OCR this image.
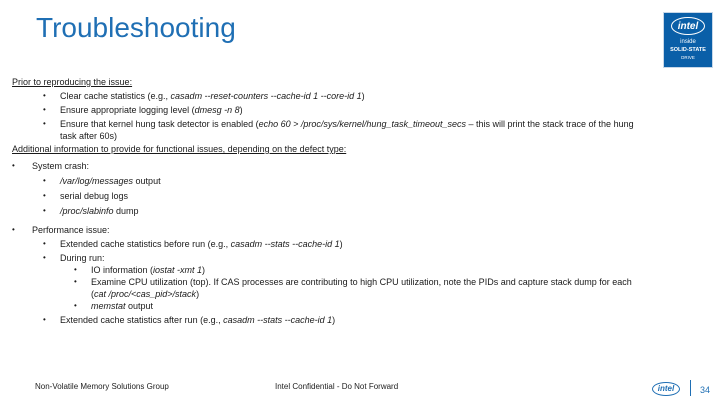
Troubleshooting	intel
inside
SOLID-STATE
DRIVE
Prior to reproducing the issue:
• Clear cache statistics (e.g., casadm --reset-counters --cache-id 1 --core-id 1)
• Ensure appropriate logging level (dmesg -n 8)
• Ensure that kernel hung task detector is enabled (echo 60 > /proc/sys/kernel/hung_task_timeout_secs – this will print the stack trace of the hung
task after 60s)
Additional information to provide for functional issues, depending on the defect type:
• System crash:
• /var/log/messages output
• serial debug logs
• /proc/slabinfo dump
• Performance issue:
• Extended cache statistics before run (e.g., casadm --stats --cache-id 1)
• During run:
• IO information (iostat -xmt 1)
• Examine CPU utilization (top). If CAS processes are contributing to high CPU utilization, note the PIDs and capture stack dump for each
(cat /proc/<cas_pid>/stack)
• memstat output
• Extended cache statistics after run (e.g., casadm --stats --cache-id 1)
Non-Volatile Memory Solutions Group	Intel Confidential - Do Not Forward	intel	34
